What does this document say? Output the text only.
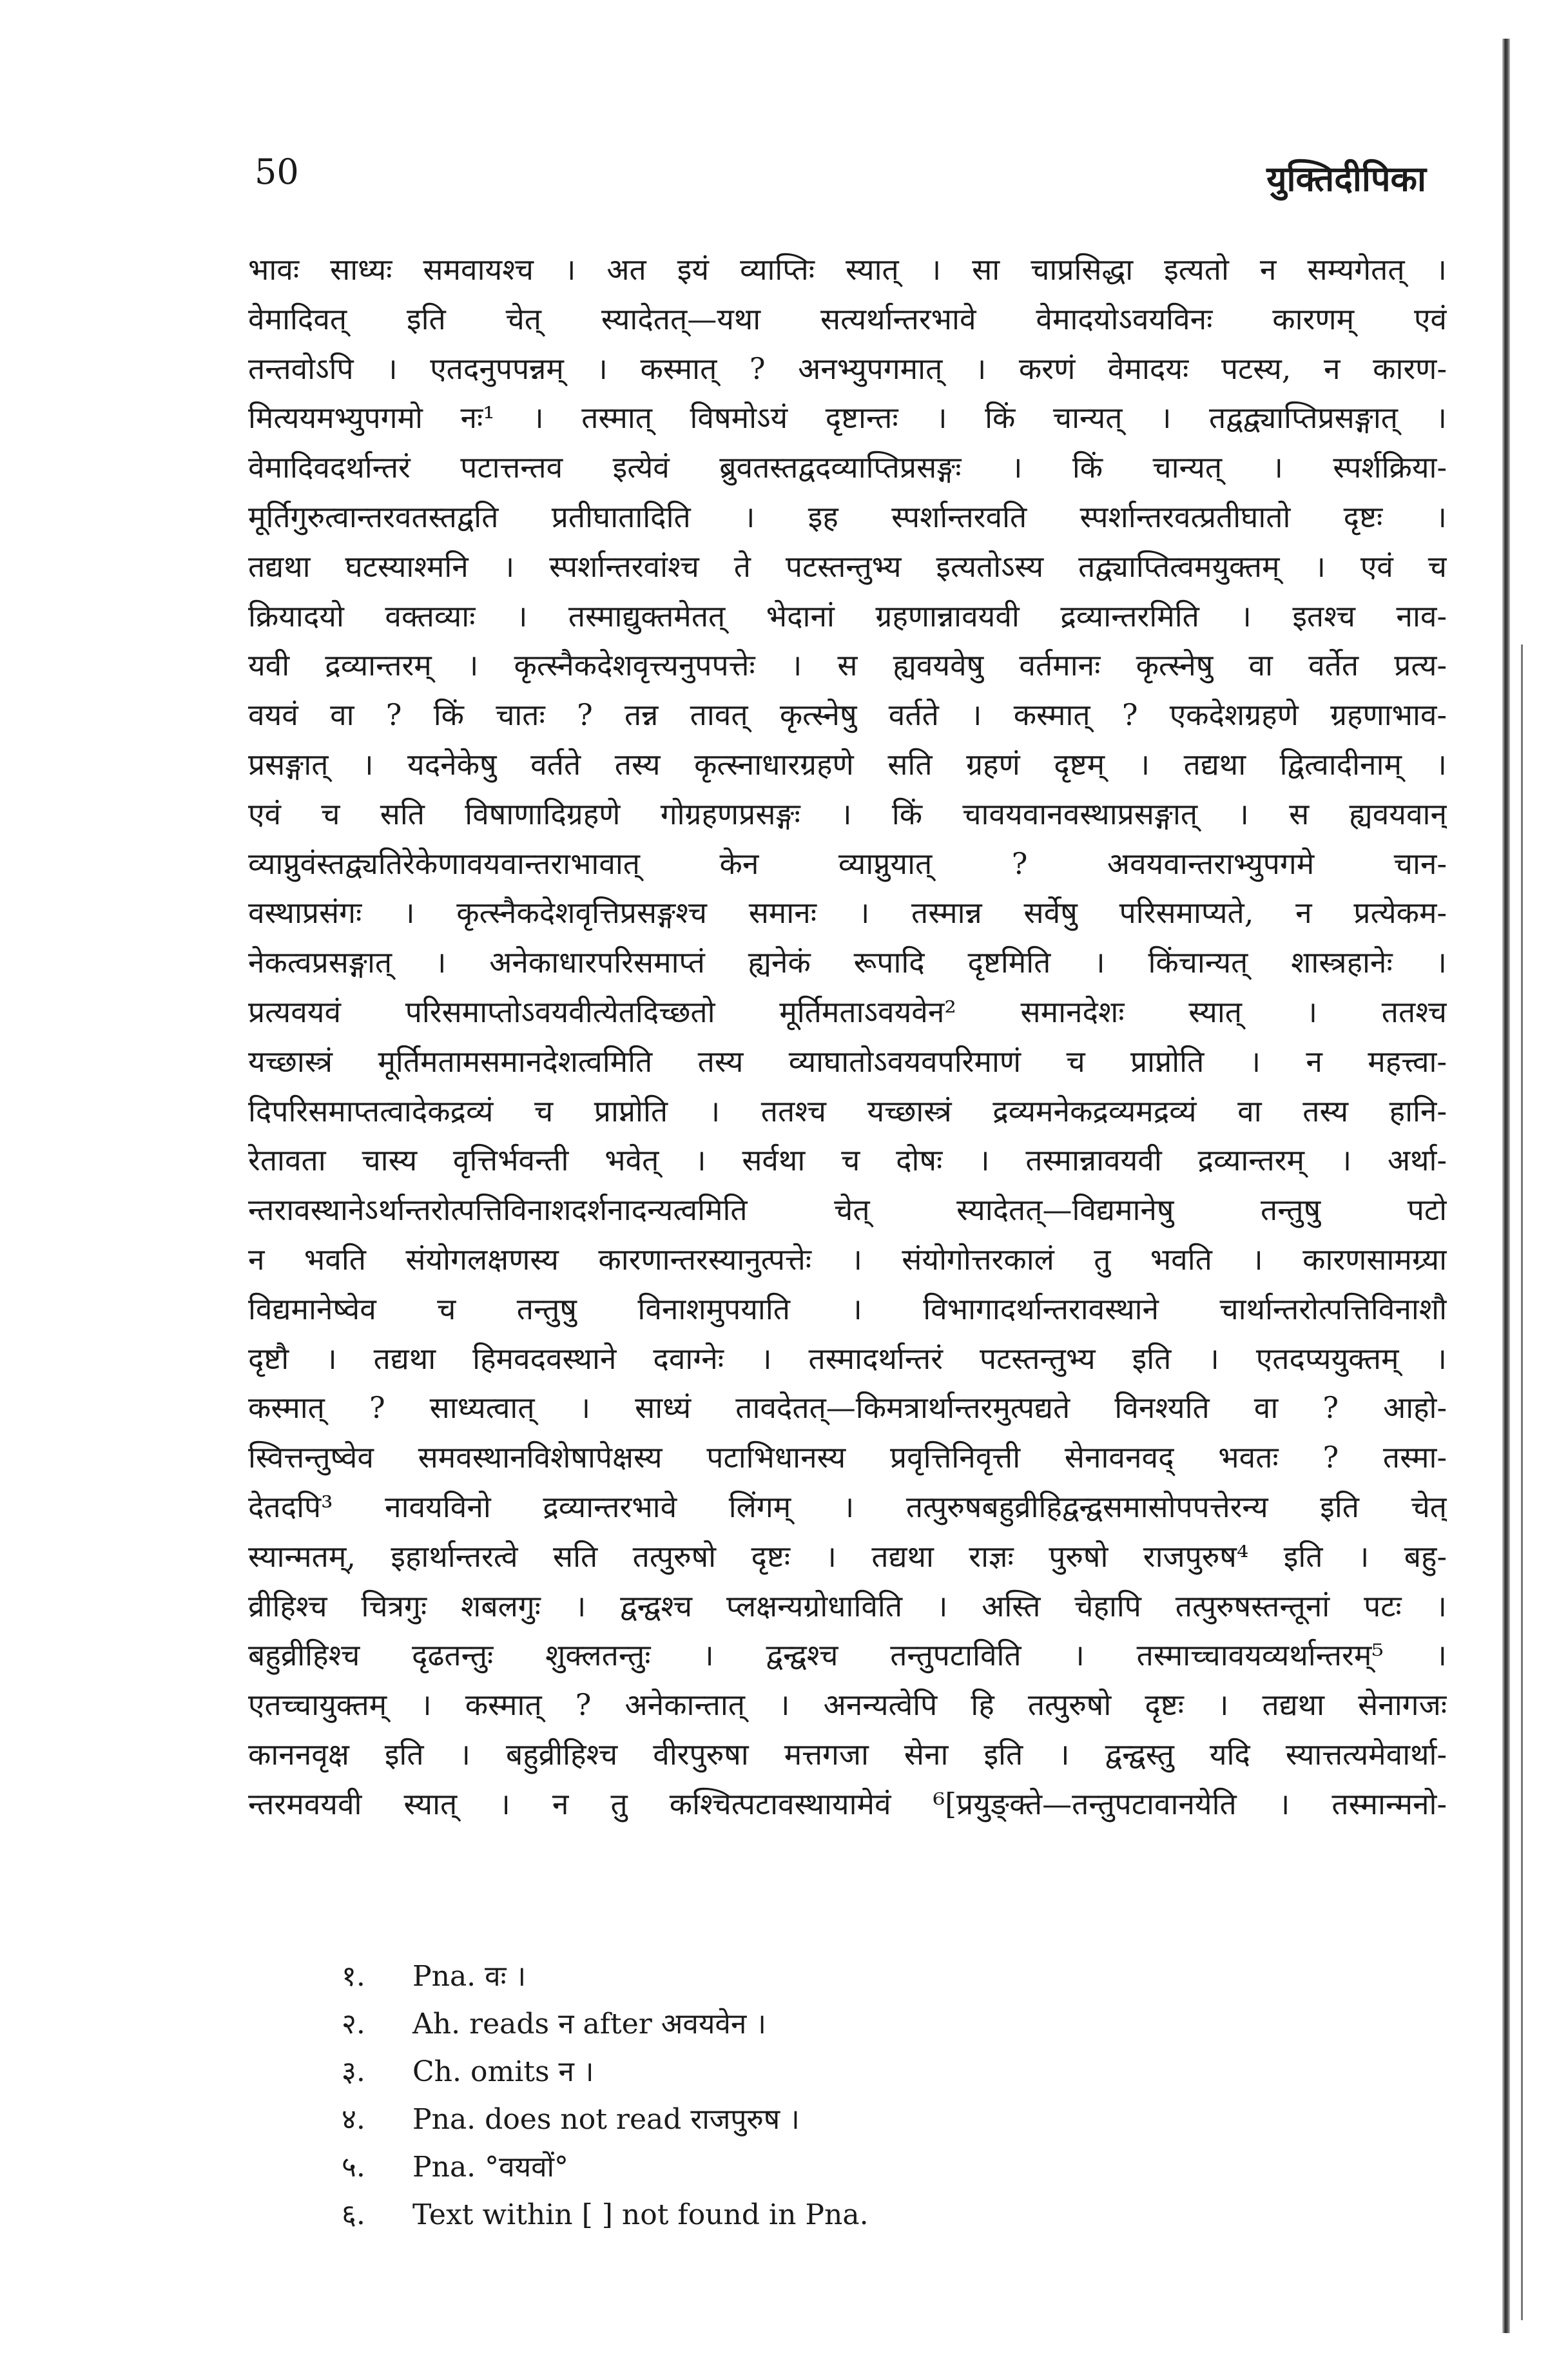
50	युक्तिदीपिका
भावः साध्यः समवायश्च । अत इयं व्याप्तिः स्यात् । सा चाप्रसिद्धा इत्यतो न सम्यगेतत् ।
वेमादिवत् इति चेत् स्यादेतत्—यथा सत्यर्थान्तरभावे वेमादयोऽवयविनः कारणम् एवं
तन्तवोऽपि । एतदनुपपन्नम् । कस्मात् ? अनभ्युपगमात् । करणं वेमादयः पटस्य, न कारण-
मित्ययमभ्युपगमो नः¹ । तस्मात् विषमोऽयं दृष्टान्तः । किं चान्यत् । तद्वद्व्याप्तिप्रसङ्गात् ।
वेमादिवदर्थान्तरं पटात्तन्तव इत्येवं ब्रुवतस्तद्वदव्याप्तिप्रसङ्गः । किं चान्यत् । स्पर्शक्रिया-
मूर्तिगुरुत्वान्तरवतस्तद्वति प्रतीघातादिति । इह स्पर्शान्तरवति स्पर्शान्तरवत्प्रतीघातो दृष्टः ।
तद्यथा घटस्याश्मनि । स्पर्शान्तरवांश्च ते पटस्तन्तुभ्य इत्यतोऽस्य तद्व्याप्तित्वमयुक्तम् । एवं च
क्रियादयो वक्तव्याः । तस्माद्युक्तमेतत् भेदानां ग्रहणान्नावयवी द्रव्यान्तरमिति । इतश्च नाव-
यवी द्रव्यान्तरम् । कृत्स्नैकदेशवृत्त्यनुपपत्तेः । स ह्यवयवेषु वर्तमानः कृत्स्नेषु वा वर्तेत प्रत्य-
वयवं वा ? किं चातः ? तन्न तावत् कृत्स्नेषु वर्तते । कस्मात् ? एकदेशग्रहणे ग्रहणाभाव-
प्रसङ्गात् । यदनेकेषु वर्तते तस्य कृत्स्नाधारग्रहणे सति ग्रहणं दृष्टम् । तद्यथा द्वित्वादीनाम् ।
एवं च सति विषाणादिग्रहणे गोग्रहणप्रसङ्गः । किं चावयवानवस्थाप्रसङ्गात् । स ह्यवयवान्
व्याप्नुवंस्तद्व्यतिरेकेणावयवान्तराभावात् केन व्याप्नुयात् ? अवयवान्तराभ्युपगमे चान-
वस्थाप्रसंगः । कृत्स्नैकदेशवृत्तिप्रसङ्गश्च समानः । तस्मान्न सर्वेषु परिसमाप्यते, न प्रत्येकम-
नेकत्वप्रसङ्गात् । अनेकाधारपरिसमाप्तं ह्यनेकं रूपादि दृष्टमिति । किंचान्यत् शास्त्रहानेः ।
प्रत्यवयवं परिसमाप्तोऽवयवीत्येतदिच्छतो मूर्तिमताऽवयवेन² समानदेशः स्यात् । ततश्च
यच्छास्त्रं मूर्तिमतामसमानदेशत्वमिति तस्य व्याघातोऽवयवपरिमाणं च प्राप्नोति । न महत्त्वा-
दिपरिसमाप्तत्वादेकद्रव्यं च प्राप्नोति । ततश्च यच्छास्त्रं द्रव्यमनेकद्रव्यमद्रव्यं वा तस्य हानि-
रेतावता चास्य वृत्तिर्भवन्ती भवेत् । सर्वथा च दोषः । तस्मान्नावयवी द्रव्यान्तरम् । अर्था-
न्तरावस्थानेऽर्थान्तरोत्पत्तिविनाशदर्शनादन्यत्वमिति चेत् स्यादेतत्—विद्यमानेषु तन्तुषु पटो
न भवति संयोगलक्षणस्य कारणान्तरस्यानुत्पत्तेः । संयोगोत्तरकालं तु भवति । कारणसामग्र्या
विद्यमानेष्वेव च तन्तुषु विनाशमुपयाति । विभागादर्थान्तरावस्थाने चार्थान्तरोत्पत्तिविनाशौ
दृष्टौ । तद्यथा हिमवदवस्थाने दवाग्नेः । तस्मादर्थान्तरं पटस्तन्तुभ्य इति । एतदप्ययुक्तम् ।
कस्मात् ? साध्यत्वात् । साध्यं तावदेतत्—किमत्रार्थान्तरमुत्पद्यते विनश्यति वा ? आहो-
स्वित्तन्तुष्वेव समवस्थानविशेषापेक्षस्य पटाभिधानस्य प्रवृत्तिनिवृत्ती सेनावनवद् भवतः ? तस्मा-
देतदपि³ नावयविनो द्रव्यान्तरभावे लिंगम् । तत्पुरुषबहुव्रीहिद्वन्द्वसमासोपपत्तेरन्य इति चेत्
स्यान्मतम्, इहार्थान्तरत्वे सति तत्पुरुषो दृष्टः । तद्यथा राज्ञः पुरुषो राजपुरुष⁴ इति । बहु-
व्रीहिश्च चित्रगुः शबलगुः । द्वन्द्वश्च प्लक्षन्यग्रोधाविति । अस्ति चेहापि तत्पुरुषस्तन्तूनां पटः ।
बहुव्रीहिश्च दृढतन्तुः शुक्लतन्तुः । द्वन्द्वश्च तन्तुपटाविति । तस्माच्चावयव्यर्थान्तरम्⁵ ।
एतच्चायुक्तम् । कस्मात् ? अनेकान्तात् । अनन्यत्वेपि हि तत्पुरुषो दृष्टः । तद्यथा सेनागजः
काननवृक्ष इति । बहुव्रीहिश्च वीरपुरुषा मत्तगजा सेना इति । द्वन्द्वस्तु यदि स्यात्तत्यमेवार्था-
न्तरमवयवी स्यात् । न तु कश्चित्पटावस्थायामेवं ⁶[प्रयुङ्क्ते—तन्तुपटावानयेति । तस्मान्मनो-
१.	Pna. वः ।
२.	Ah. reads न after अवयवेन ।
३.	Ch. omits न ।
४.	Pna. does not read राजपुरुष ।
५.	Pna. °वयवों°
६.	Text within [ ] not found in Pna.
